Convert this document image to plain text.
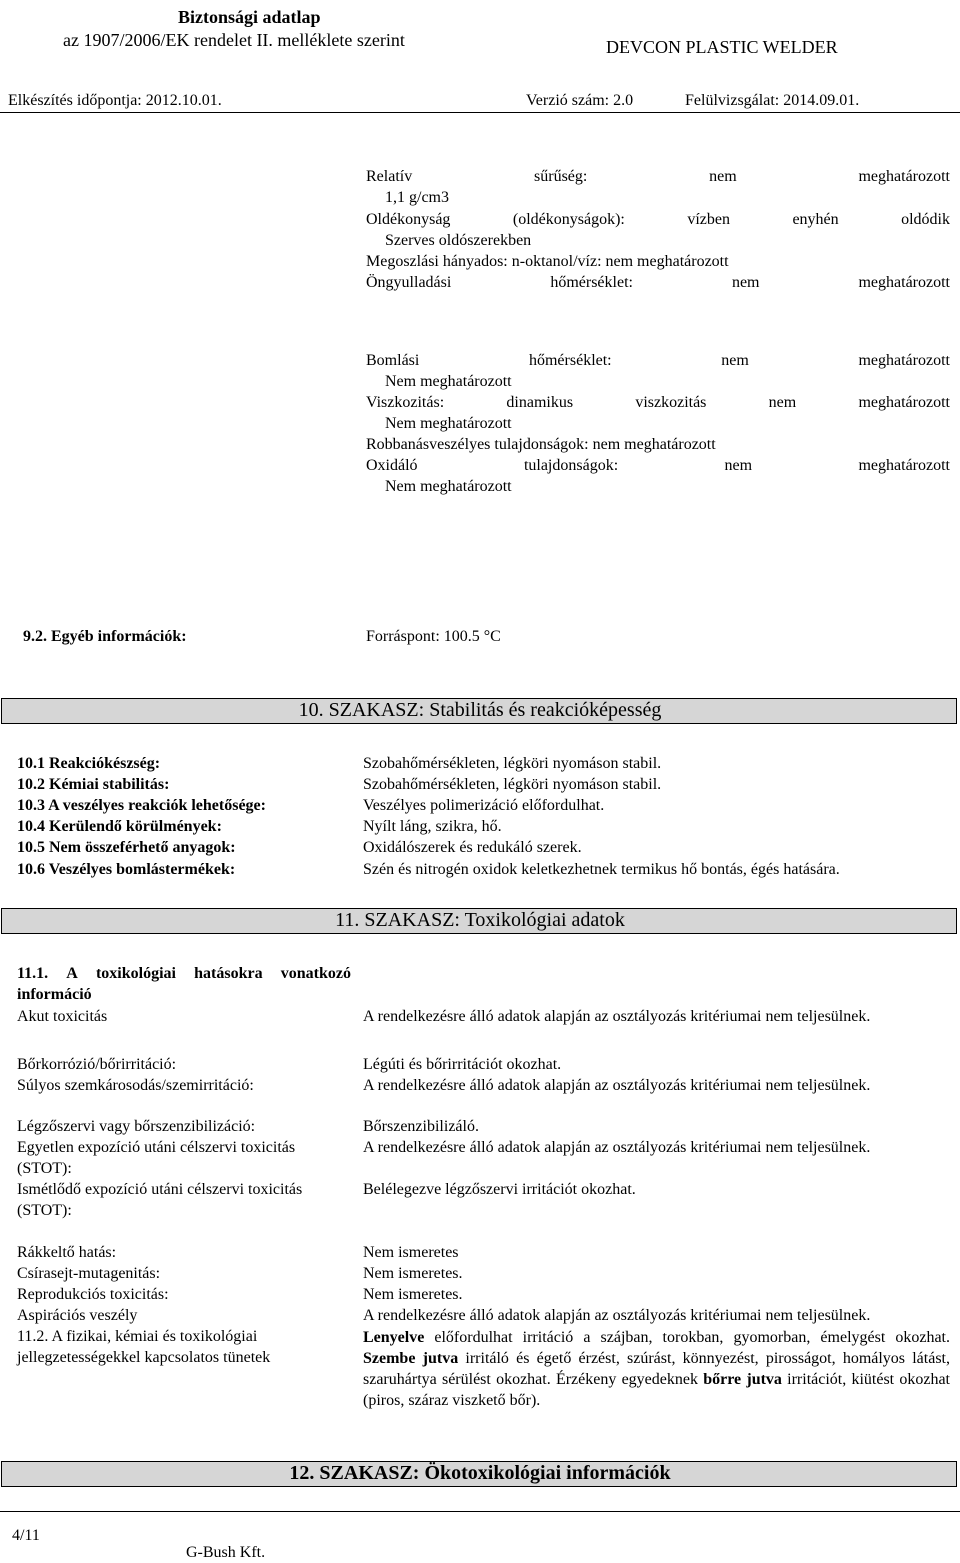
Biztonsági adatlap
az 1907/2006/EK rendelet II. melléklete szerint	DEVCON PLASTIC WELDER
Elkészítés időpontja: 2012.10.01.	Verzió szám: 2.0	Felülvizsgálat: 2014.09.01.
Relatív	sűrűség:	nem	meghatározott
1,1 g/cm3
Oldékonyság	(oldékonyságok):	vízben	enyhén	oldódik
Szerves oldószerekben
Megoszlási hányados: n-oktanol/víz: nem meghatározott
Öngyulladási	hőmérséklet:	nem	meghatározott
Bomlási	hőmérséklet:	nem	meghatározott
Nem meghatározott
Viszkozitás:	dinamikus	viszkozitás	nem	meghatározott
Nem meghatározott
Robbanásveszélyes tulajdonságok: nem meghatározott
Oxidáló	tulajdonságok:	nem	meghatározott
Nem meghatározott
9.2. Egyéb információk:	Forráspont: 100.5 °C
10. SZAKASZ: Stabilitás és reakcióképesség
10.1 Reakciókészség:	Szobahőmérsékleten, légköri nyomáson stabil.
10.2 Kémiai stabilitás:	Szobahőmérsékleten, légköri nyomáson stabil.
10.3 A veszélyes reakciók lehetősége:	Veszélyes polimerizáció előfordulhat.
10.4 Kerülendő körülmények:	Nyílt láng, szikra, hő.
10.5 Nem összeférhető anyagok:	Oxidálószerek és redukáló szerek.
10.6 Veszélyes bomlástermékek:	Szén és nitrogén oxidok keletkezhetnek termikus hő bontás, égés hatására.
11. SZAKASZ: Toxikológiai adatok
11.1. A toxikológiai hatásokra vonatkozó
információ
Akut toxicitás	A rendelkezésre álló adatok alapján az osztályozás kritériumai nem teljesülnek.
Bőrkorrózió/bőrirritáció:	Légúti és bőrirritációt okozhat.
Súlyos szemkárosodás/szemirritáció:	A rendelkezésre álló adatok alapján az osztályozás kritériumai nem teljesülnek.
Légzőszervi vagy bőrszenzibilizáció:	Bőrszenzibilizáló.
Egyetlen expozíció utáni célszervi toxicitás	A rendelkezésre álló adatok alapján az osztályozás kritériumai nem teljesülnek.
(STOT):
Ismétlődő expozíció utáni célszervi toxicitás	Belélegezve légzőszervi irritációt okozhat.
(STOT):
Rákkeltő hatás:	Nem ismeretes
Csírasejt-mutagenitás:	Nem ismeretes.
Reprodukciós toxicitás:	Nem ismeretes.
Aspirációs veszély	A rendelkezésre álló adatok alapján az osztályozás kritériumai nem teljesülnek.
11.2. A fizikai, kémiai és toxikológiai
jellegzetességekkel kapcsolatos tünetek
Lenyelve előfordulhat irritáció a szájban, torokban, gyomorban, émelygést okozhat. Szembe jutva irritáló és égető érzést, szúrást, könnyezést, pirosságot, homályos látást, szaruhártya sérülést okozhat. Érzékeny egyedeknek bőrre jutva irritációt, kiütést okozhat (piros, száraz viszkető bőr).
12. SZAKASZ: Ökotoxikológiai információk
4/11
G-Bush Kft.
